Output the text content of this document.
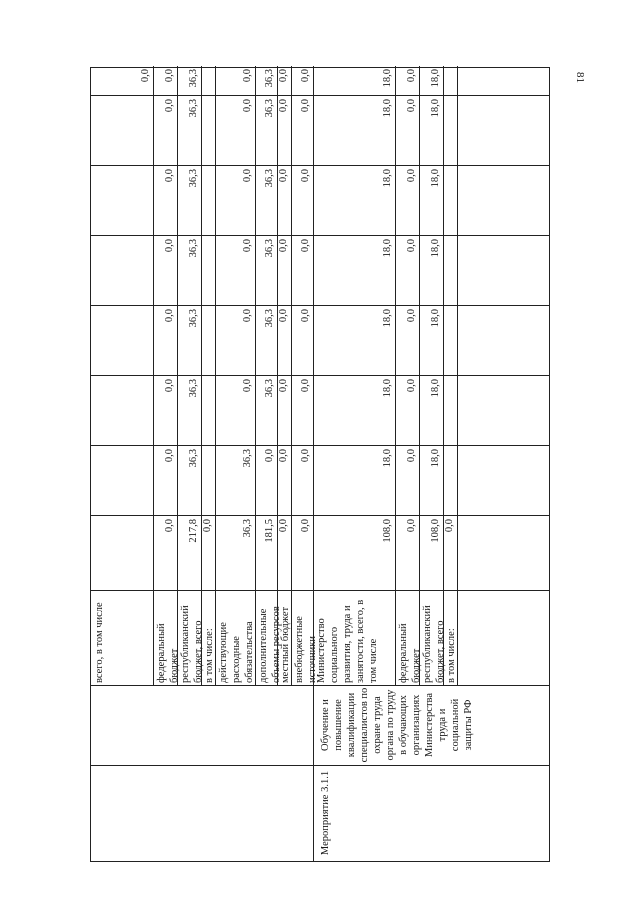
81
всего, в том числе
0,0
федеральный бюджет
0,0
0,0
0,0
0,0
0,0
0,0
0,0
0,0
республиканский бюджет, всего
217,8
36,3
36,3
36,3
36,3
36,3
36,3
36,3
в том числе:
0,0
действующие расходные обязательства
36,3
36,3
0,0
0,0
0,0
0,0
0,0
0,0
дополнительные объемы ресурсов
181,5
0,0
36,3
36,3
36,3
36,3
36,3
36,3
местный бюджет
0,0
0,0
0,0
0,0
0,0
0,0
0,0
0,0
внебюджетные источники
0,0
0,0
0,0
0,0
0,0
0,0
0,0
0,0
Мероприятие 3.1.1
Обучение и повышение квалификации специалистов по охране труда органа по труду в обучающих организациях Министерства труда и социальной защиты РФ
Министерство социального развития, труда и занятости, всего, в том числе
108,0
18,0
18,0
18,0
18,0
18,0
18,0
18,0
федеральный бюджет
0,0
0,0
0,0
0,0
0,0
0,0
0,0
0,0
республиканский бюджет, всего
108,0
18,0
18,0
18,0
18,0
18,0
18,0
18,0
в том числе:
0,0
